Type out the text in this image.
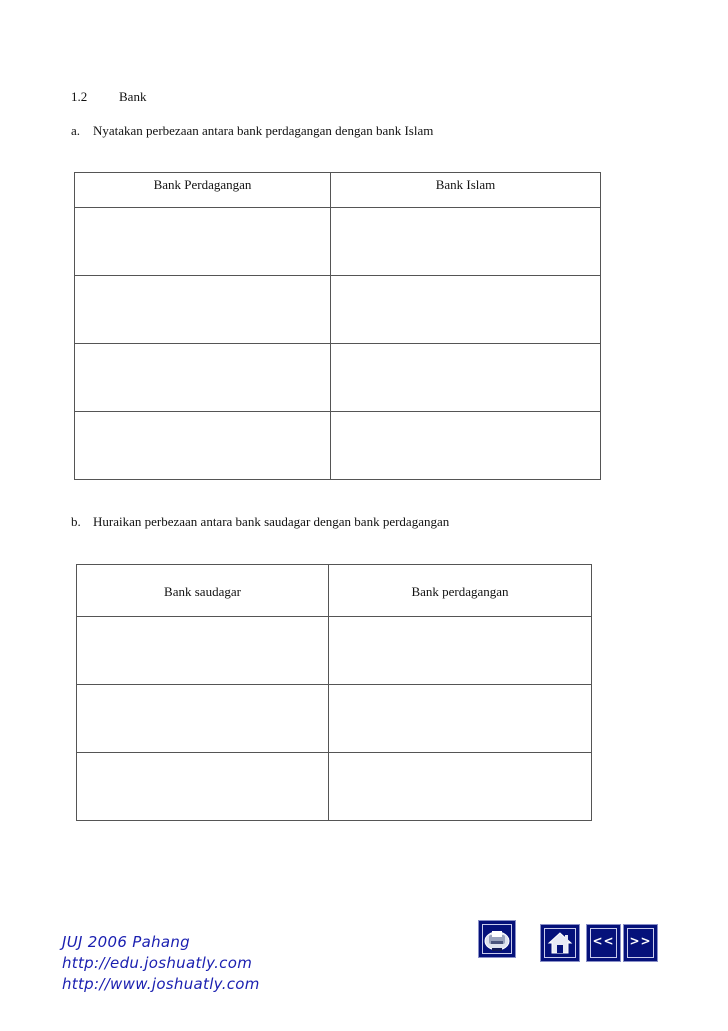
1.2 Bank
a. Nyatakan perbezaan antara bank perdagangan dengan bank Islam
Bank Perdagangan	Bank Islam

b. Huraikan perbezaan antara bank saudagar dengan bank perdagangan
Bank saudagar	Bank perdagangan

JUJ 2006 Pahang
http://edu.joshuatly.com
http://www.joshuatly.com
<<	>>
